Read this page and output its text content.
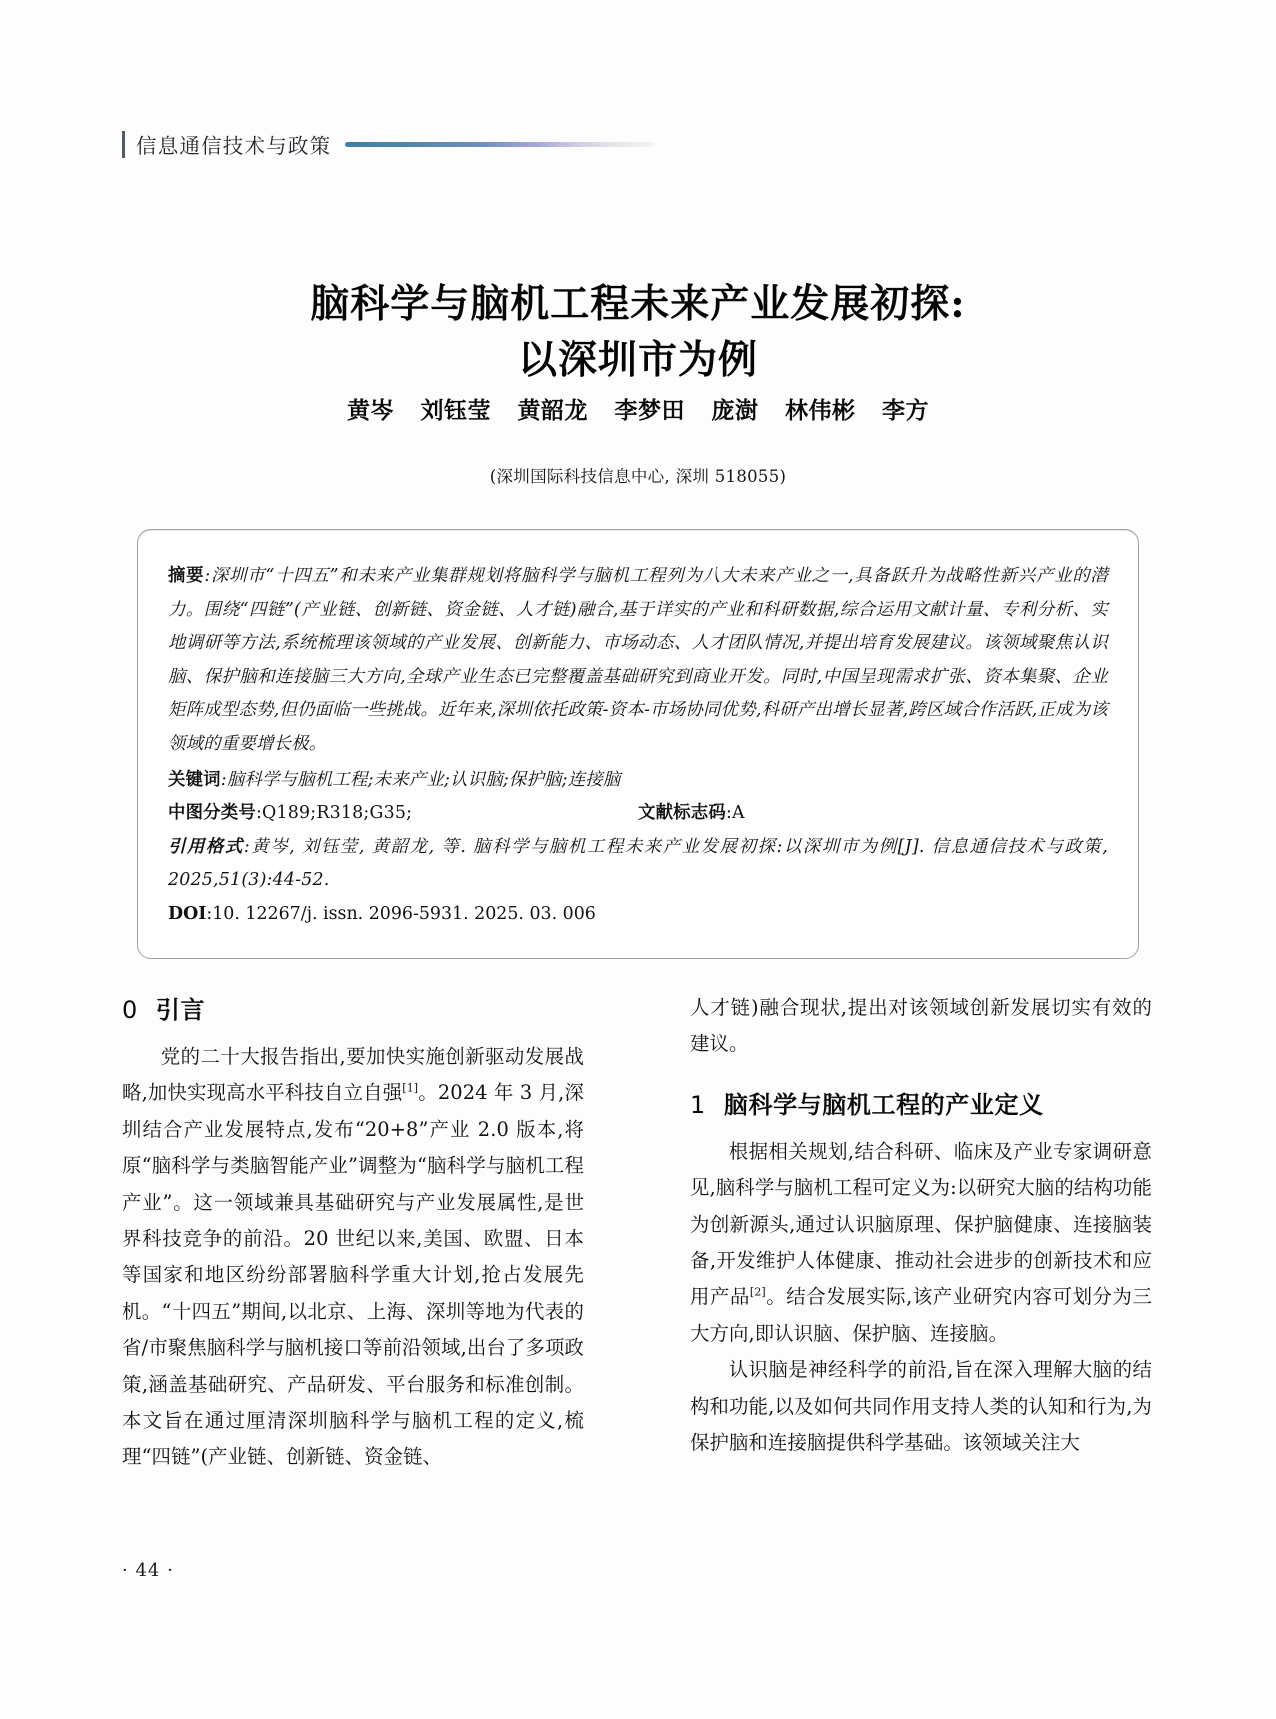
信息通信技术与政策
脑科学与脑机工程未来产业发展初探:
以深圳市为例
黄岑 刘钰莹 黄韶龙 李梦田 庞澍 林伟彬 李方
(深圳国际科技信息中心, 深圳 518055)
摘要:深圳市“十四五”和未来产业集群规划将脑科学与脑机工程列为八大未来产业之一,具备跃升为战略性新兴产业的潜力。围绕“四链”(产业链、创新链、资金链、人才链)融合,基于详实的产业和科研数据,综合运用文献计量、专利分析、实地调研等方法,系统梳理该领域的产业发展、创新能力、市场动态、人才团队情况,并提出培育发展建议。该领域聚焦认识脑、保护脑和连接脑三大方向,全球产业生态已完整覆盖基础研究到商业开发。同时,中国呈现需求扩张、资本集聚、企业矩阵成型态势,但仍面临一些挑战。近年来,深圳依托政策-资本-市场协同优势,科研产出增长显著,跨区域合作活跃,正成为该领域的重要增长极。
关键词:脑科学与脑机工程;未来产业;认识脑;保护脑;连接脑
中图分类号:Q189;R318;G35;	文献标志码:A
引用格式:黄岑, 刘钰莹, 黄韶龙, 等. 脑科学与脑机工程未来产业发展初探:以深圳市为例[J]. 信息通信技术与政策, 2025,51(3):44-52.
DOI:10. 12267/j. issn. 2096-5931. 2025. 03. 006
0 引言

党的二十大报告指出,要加快实施创新驱动发展战略,加快实现高水平科技自立自强[1]。2024 年 3 月,深圳结合产业发展特点,发布“20+8”产业 2.0 版本,将原“脑科学与类脑智能产业”调整为“脑科学与脑机工程产业”。这一领域兼具基础研究与产业发展属性,是世界科技竞争的前沿。20 世纪以来,美国、欧盟、日本等国家和地区纷纷部署脑科学重大计划,抢占发展先机。“十四五”期间,以北京、上海、深圳等地为代表的省/市聚焦脑科学与脑机接口等前沿领域,出台了多项政策,涵盖基础研究、产品研发、平台服务和标准创制。本文旨在通过厘清深圳脑科学与脑机工程的定义,梳理“四链”(产业链、创新链、资金链、

人才链)融合现状,提出对该领域创新发展切实有效的建议。

1 脑科学与脑机工程的产业定义

根据相关规划,结合科研、临床及产业专家调研意见,脑科学与脑机工程可定义为:以研究大脑的结构功能为创新源头,通过认识脑原理、保护脑健康、连接脑装备,开发维护人体健康、推动社会进步的创新技术和应用产品[2]。结合发展实际,该产业研究内容可划分为三大方向,即认识脑、保护脑、连接脑。

认识脑是神经科学的前沿,旨在深入理解大脑的结构和功能,以及如何共同作用支持人类的认知和行为,为保护脑和连接脑提供科学基础。该领域关注大

· 44 ·
